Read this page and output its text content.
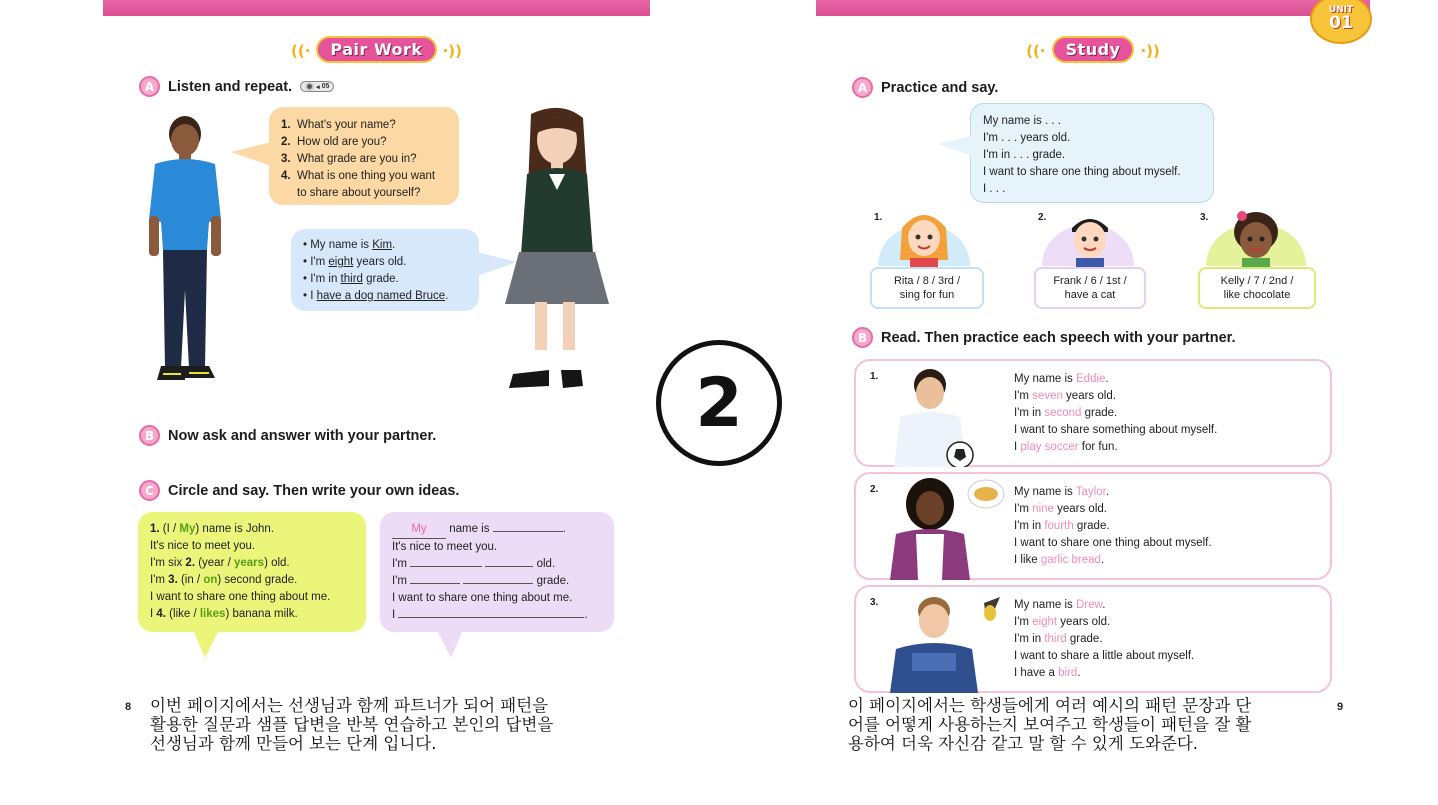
((· Pair Work ·))
A Listen and repeat.	◂ 05
1. What's your name?
2. How old are you?
3. What grade are you in?
4. What is one thing you want to share about yourself?
• My name is Kim.
• I'm eight years old.
• I'm in third grade.
• I have a dog named Bruce.
B Now ask and answer with your partner.
C Circle and say. Then write your own ideas.
1. (I / My) name is John.
It's nice to meet you.
I'm six 2. (year / years) old.
I'm 3. (in / on) second grade.
I want to share one thing about me.
I 4. (like / likes) banana milk.
My name is	.
It's nice to meet you.
I'm	old.
I'm	grade.
I want to share one thing about me.
I	.
8 이번 페이지에서는 선생님과 함께 파트너가 되어 패턴을
활용한 질문과 샘플 답변을 반복 연습하고 본인의 답변을
선생님과 함께 만들어 보는 단계 입니다.
2
UNIT
01
((· Study ·))
A Practice and say.
My name is . . .
I'm . . . years old.
I'm in . . . grade.
I want to share one thing about myself.
I . . .
1.
Rita / 8 / 3rd /
sing for fun
2.
Frank / 6 / 1st /
have a cat
3.
Kelly / 7 / 2nd /
like chocolate
B Read. Then practice each speech with your partner.
1.	My name is Eddie.
I'm seven years old.
I'm in second grade.
I want to share something about myself.
I play soccer for fun.
2.	My name is Taylor.
I'm nine years old.
I'm in fourth grade.
I want to share one thing about myself.
I like garlic bread.
3.	My name is Drew.
I'm eight years old.
I'm in third grade.
I want to share a little about myself.
I have a bird.
이 페이지에서는 학생들에게 여러 예시의 패턴 문장과 단
어를 어떻게 사용하는지 보여주고 학생들이 패턴을 잘 활
용하여 더욱 자신감 같고 말 할 수 있게 도와준다.
9
